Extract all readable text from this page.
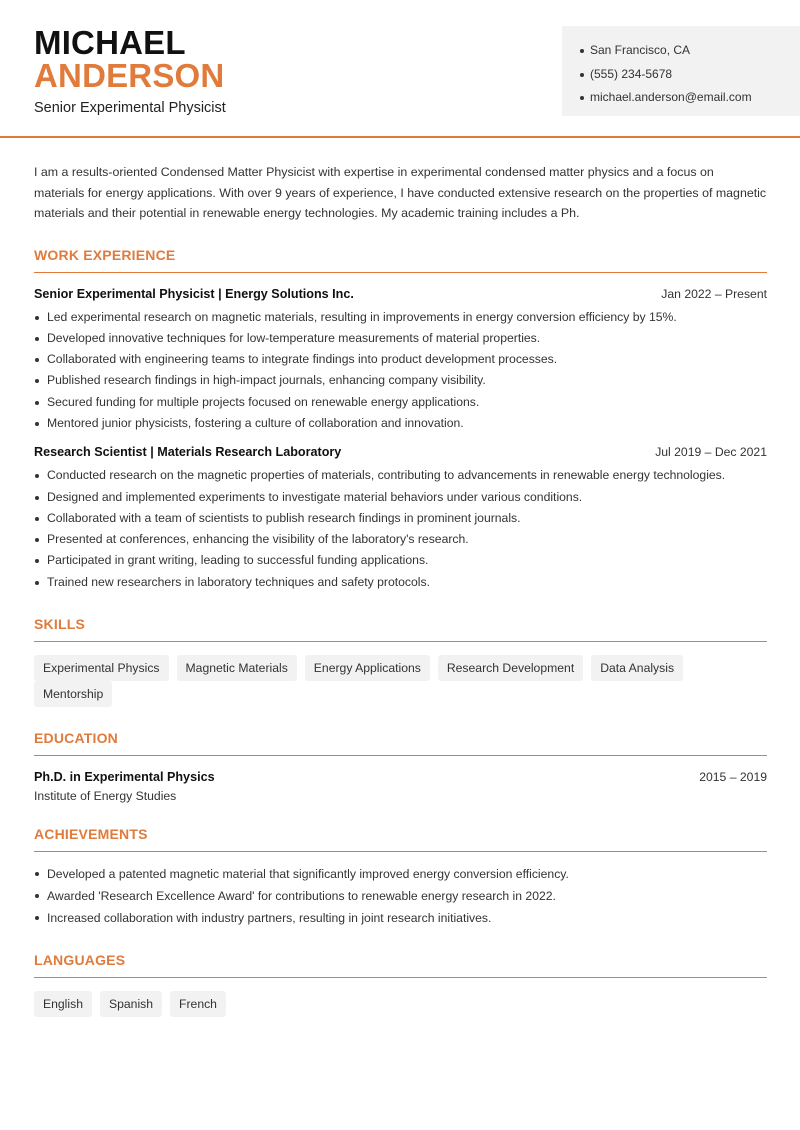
MICHAEL
ANDERSON
Senior Experimental Physicist
San Francisco, CA
(555) 234-5678
michael.anderson@email.com

I am a results-oriented Condensed Matter Physicist with expertise in experimental condensed matter physics and a focus on materials for energy applications. With over 9 years of experience, I have conducted extensive research on the properties of magnetic materials and their potential in renewable energy technologies. My academic training includes a Ph.

WORK EXPERIENCE
Senior Experimental Physicist | Energy Solutions Inc.	Jan 2022 – Present
Led experimental research on magnetic materials, resulting in improvements in energy conversion efficiency by 15%.
Developed innovative techniques for low-temperature measurements of material properties.
Collaborated with engineering teams to integrate findings into product development processes.
Published research findings in high-impact journals, enhancing company visibility.
Secured funding for multiple projects focused on renewable energy applications.
Mentored junior physicists, fostering a culture of collaboration and innovation.
Research Scientist | Materials Research Laboratory	Jul 2019 – Dec 2021
Conducted research on the magnetic properties of materials, contributing to advancements in renewable energy technologies.
Designed and implemented experiments to investigate material behaviors under various conditions.
Collaborated with a team of scientists to publish research findings in prominent journals.
Presented at conferences, enhancing the visibility of the laboratory's research.
Participated in grant writing, leading to successful funding applications.
Trained new researchers in laboratory techniques and safety protocols.
SKILLS
Experimental Physics	Magnetic Materials	Energy Applications	Research Development	Data Analysis
Mentorship
EDUCATION
Ph.D. in Experimental Physics	2015 – 2019
Institute of Energy Studies
ACHIEVEMENTS
Developed a patented magnetic material that significantly improved energy conversion efficiency.
Awarded 'Research Excellence Award' for contributions to renewable energy research in 2022.
Increased collaboration with industry partners, resulting in joint research initiatives.
LANGUAGES
English	Spanish	French
